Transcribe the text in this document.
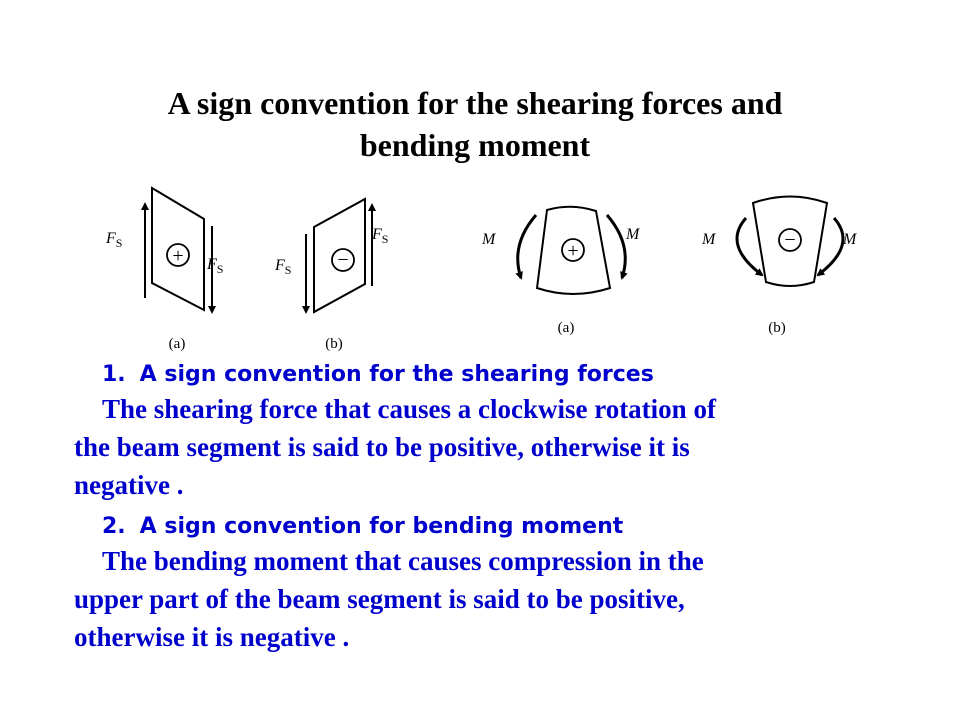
A sign convention for the shearing forces and
bending moment
+
$F_S$
$F_S$
(a)
−
$F_S$
$F_S$
(b)
+
M	M
(a)
−
M	M
(b)
1. A sign convention for the shearing forces
The shearing force that causes a clockwise rotation of
the beam segment is said to be positive, otherwise it is
negative .
2. A sign convention for bending moment
The bending moment that causes compression in the
upper part of the beam segment is said to be positive,
otherwise it is negative .
